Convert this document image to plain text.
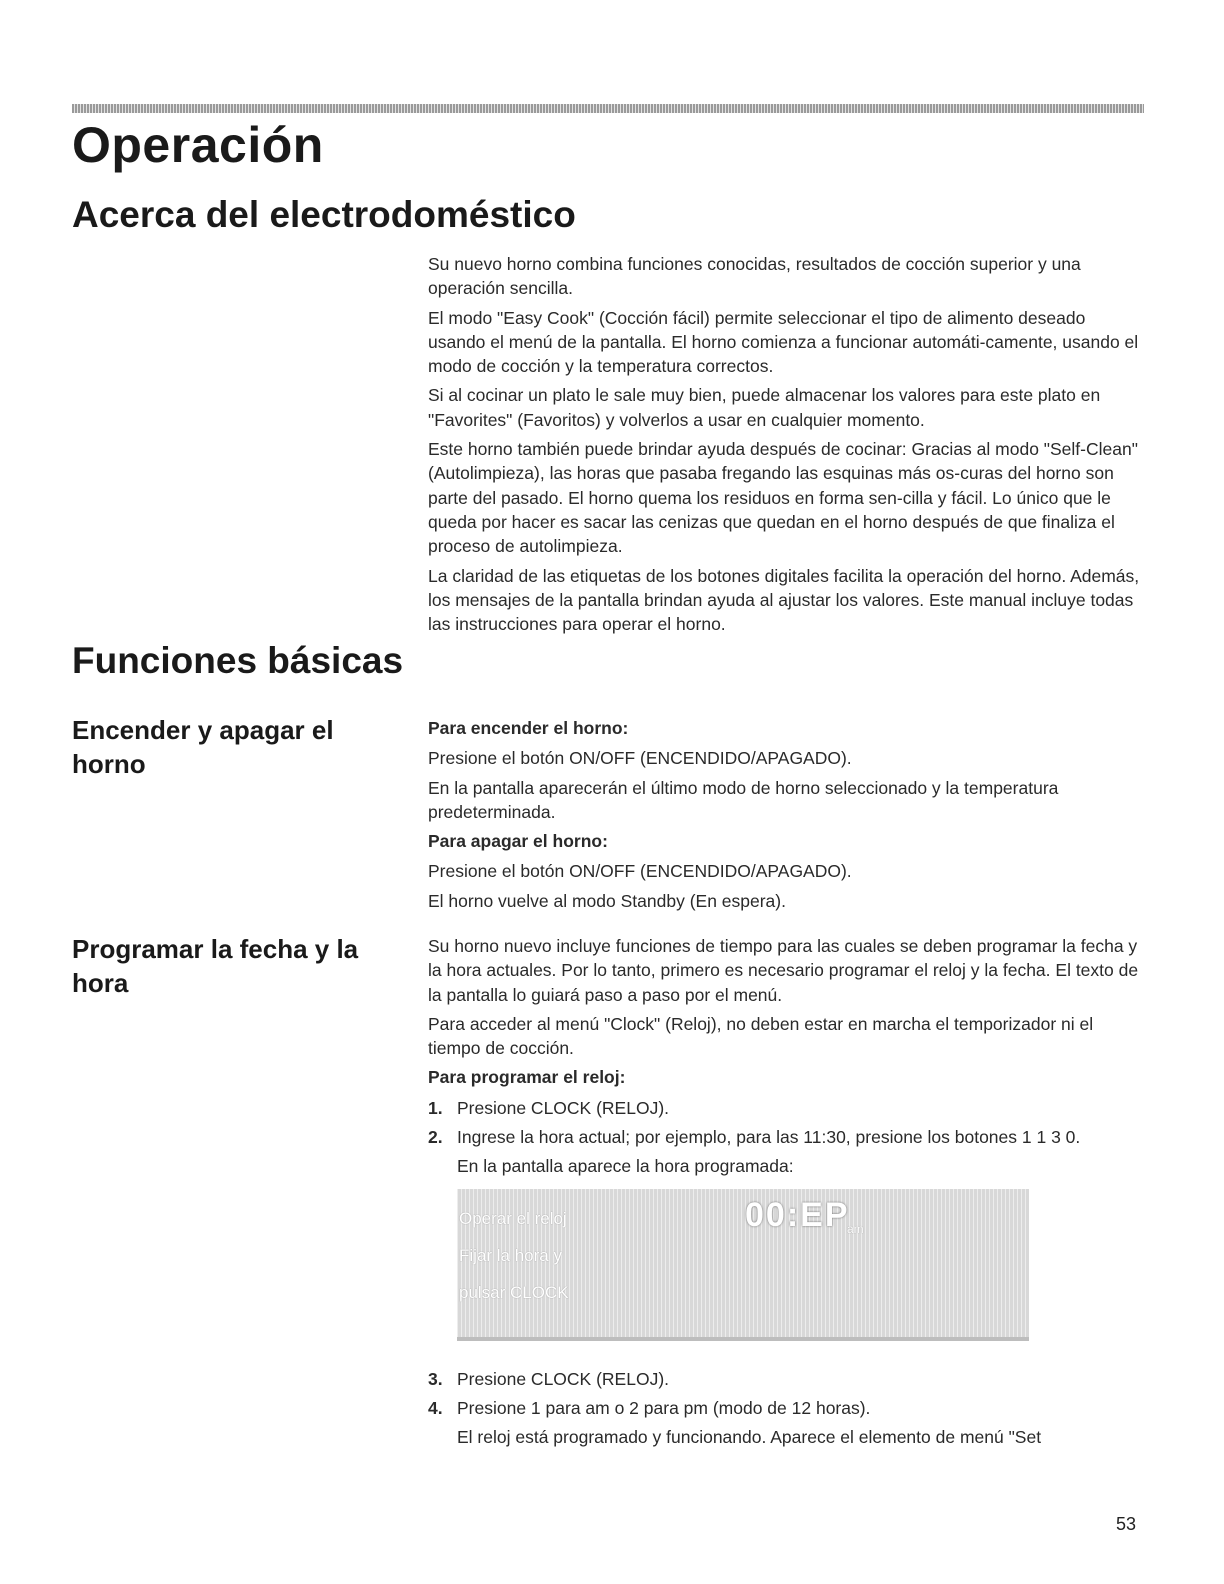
Operación
Acerca del electrodoméstico

Su nuevo horno combina funciones conocidas, resultados de cocción superior y una operación sencilla.

El modo "Easy Cook" (Cocción fácil) permite seleccionar el tipo de alimento deseado usando el menú de la pantalla. El horno comienza a funcionar automáti-camente, usando el modo de cocción y la temperatura correctos.

Si al cocinar un plato le sale muy bien, puede almacenar los valores para este plato en "Favorites" (Favoritos) y volverlos a usar en cualquier momento.

Este horno también puede brindar ayuda después de cocinar: Gracias al modo "Self-Clean" (Autolimpieza), las horas que pasaba fregando las esquinas más os-curas del horno son parte del pasado. El horno quema los residuos en forma sen-cilla y fácil. Lo único que le queda por hacer es sacar las cenizas que quedan en el horno después de que finaliza el proceso de autolimpieza.

La claridad de las etiquetas de los botones digitales facilita la operación del horno. Además, los mensajes de la pantalla brindan ayuda al ajustar los valores. Este manual incluye todas las instrucciones para operar el horno.

Funciones básicas
Encender y apagar el horno

Para encender el horno:

Presione el botón ON/OFF (ENCENDIDO/APAGADO).

En la pantalla aparecerán el último modo de horno seleccionado y la temperatura predeterminada.

Para apagar el horno:

Presione el botón ON/OFF (ENCENDIDO/APAGADO).

El horno vuelve al modo Standby (En espera).

Programar la fecha y la hora

Su horno nuevo incluye funciones de tiempo para las cuales se deben programar la fecha y la hora actuales. Por lo tanto, primero es necesario programar el reloj y la fecha. El texto de la pantalla lo guiará paso a paso por el menú.

Para acceder al menú "Clock" (Reloj), no deben estar en marcha el temporizador ni el tiempo de cocción.

Para programar el reloj:

1. Presione CLOCK (RELOJ).
2. Ingrese la hora actual; por ejemplo, para las 11:30, presione los botones 1 1 3 0.

En la pantalla aparece la hora programada:

Operar el reloj
Fijar la hora y
pulsar CLOCK
00:EP
am
3. Presione CLOCK (RELOJ).
4. Presione 1 para am o 2 para pm (modo de 12 horas).

El reloj está programado y funcionando. Aparece el elemento de menú "Set

53
